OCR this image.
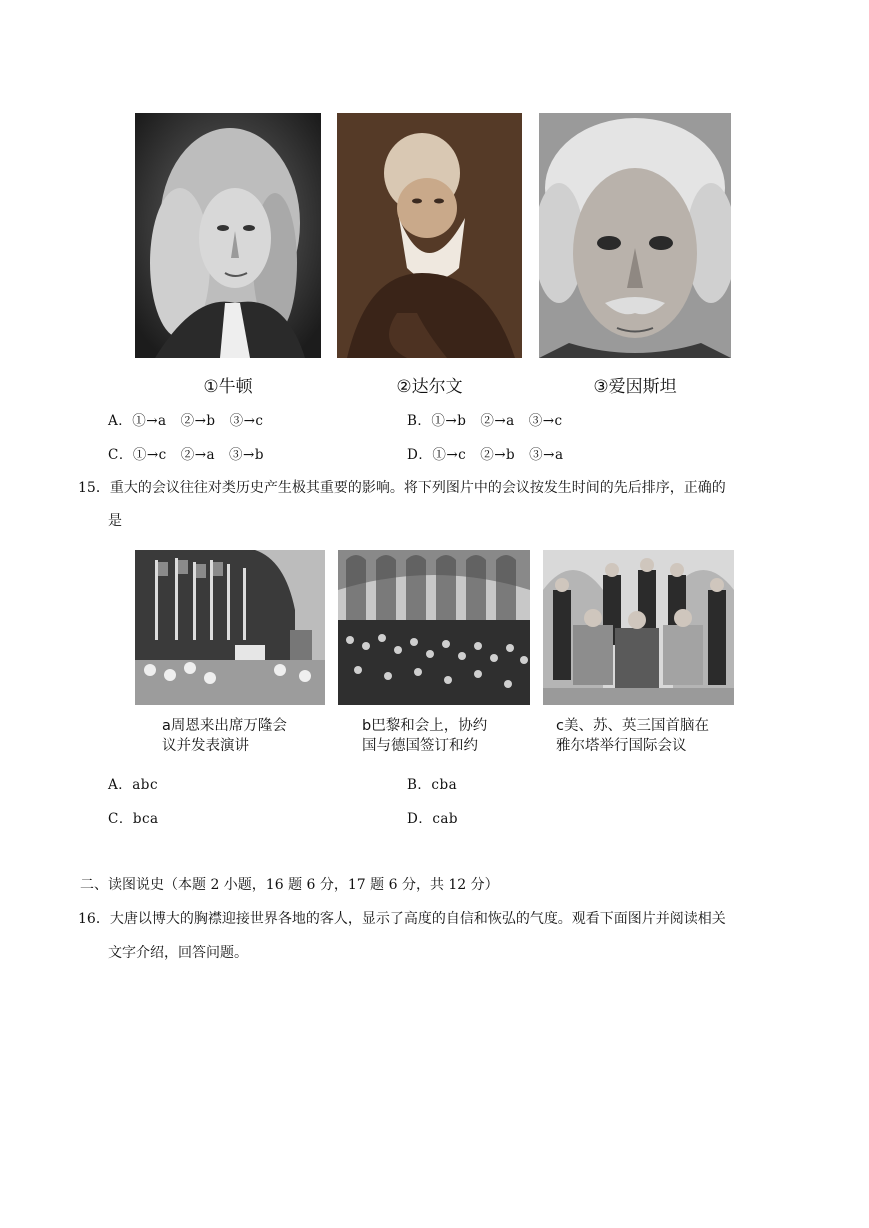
①牛顿	②达尔文	③爱因斯坦
A．①→a　②→b　③→c	B．①→b　②→a　③→c
C．①→c　②→a　③→b	D．①→c　②→b　③→a
15．重大的会议往往对类历史产生极其重要的影响。将下列图片中的会议按发生时间的先后排序，正确的
是
a周恩来出席万隆会
议并发表演讲
b巴黎和会上，协约
国与德国签订和约
c美、苏、英三国首脑在
雅尔塔举行国际会议
A．abc	B．cba
C．bca	D．cab
二、读图说史（本题 2 小题，16 题 6 分，17 题 6 分，共 12 分）
16．大唐以博大的胸襟迎接世界各地的客人，显示了高度的自信和恢弘的气度。观看下面图片并阅读相关
文字介绍，回答问题。
